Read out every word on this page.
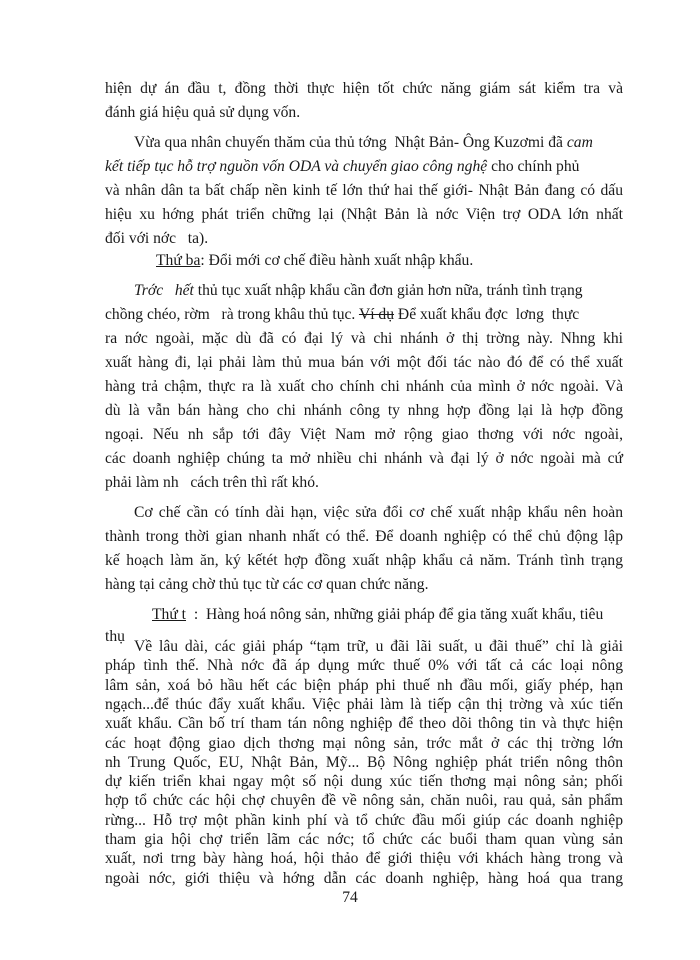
hiện dự án đầu t, đồng thời thực hiện tốt chức năng giám sát kiểm tra và
đánh giá hiệu quả sử dụng vốn.
Vừa qua nhân chuyến thăm của thủ tớng  Nhật Bản- Ông Kuzơmi đã cam
kết tiếp tục hỗ trợ nguồn vốn ODA và chuyển giao công nghệ cho chính phủ
và nhân dân ta bất chấp nền kinh tế lớn thứ hai thế giới- Nhật Bản đang có dấu
hiệu xu hớng phát triển chững lại (Nhật Bản là nớc Viện trợ ODA lớn nhất
đối với nớc   ta).
Thứ ba: Đổi mới cơ chế điều hành xuất nhập khẩu.
Trớc   hết thủ tục xuất nhập khẩu cần đơn giản hơn nữa, tránh tình trạng
chồng chéo, rờm   rà trong khâu thủ tục. Ví dụ Để xuất khẩu đợc  lơng  thực
ra nớc ngoài, mặc dù đã có đại lý và chi nhánh ở thị trờng này. Nhng khi
xuất hàng đi, lại phải làm thủ mua bán với một đối tác nào đó để có thể xuất
hàng trả chậm, thực ra là xuất cho chính chi nhánh của mình ở nớc ngoài. Và
dù là vẫn bán hàng cho chi nhánh công ty nhng hợp đồng lại là hợp đồng
ngoại. Nếu nh sắp tới đây Việt Nam mở rộng giao thơng với nớc ngoài,
các doanh nghiệp chúng ta mở nhiều chi nhánh và đại lý ở nớc ngoài mà cứ
phải làm nh   cách trên thì rất khó.
Cơ chế cần có tính dài hạn, việc sửa đổi cơ chế xuất nhập khẩu nên hoàn
thành trong thời gian nhanh nhất có thể. Để doanh nghiệp có thể chủ động lập
kế hoạch làm ăn, ký kếtét hợp đồng xuất nhập khẩu cả năm. Tránh tình trạng
hàng tại cảng chờ thủ tục từ các cơ quan chức năng.
Thứ t  :  Hàng hoá nông sản, những giải pháp để gia tăng xuất khẩu, tiêu
thụ
Về lâu dài, các giải pháp “tạm trữ, u đãi lãi suất, u đãi thuế” chỉ là giải
pháp tình thế. Nhà nớc đã áp dụng mức thuế 0% với tất cả các loại nông
lâm sản, xoá bỏ hầu hết các biện pháp phi thuế nh đầu mối, giấy phép, hạn
ngạch...để thúc đẩy xuất khẩu. Việc phải làm là tiếp cận thị trờng và xúc tiến
xuất khẩu. Cần bố trí tham tán nông nghiệp để theo dõi thông tin và thực hiện
các hoạt động giao dịch thơng mại nông sản, trớc mắt ở các thị trờng lớn
nh Trung Quốc, EU, Nhật Bản, Mỹ... Bộ Nông nghiệp phát triển nông thôn
dự kiến triển khai ngay một số nội dung xúc tiến thơng mại nông sản; phối
hợp tổ chức các hội chợ chuyên đề về nông sản, chăn nuôi, rau quả, sản phẩm
rừng... Hỗ trợ một phần kinh phí và tổ chức đầu mối giúp các doanh nghiệp
tham gia hội chợ triển lãm các nớc; tổ chức các buổi tham quan vùng sản
xuất, nơi trng bày hàng hoá, hội thảo để giới thiệu với khách hàng trong và
ngoài nớc, giới thiệu và hớng dẫn các doanh nghiệp, hàng hoá qua trang
74
